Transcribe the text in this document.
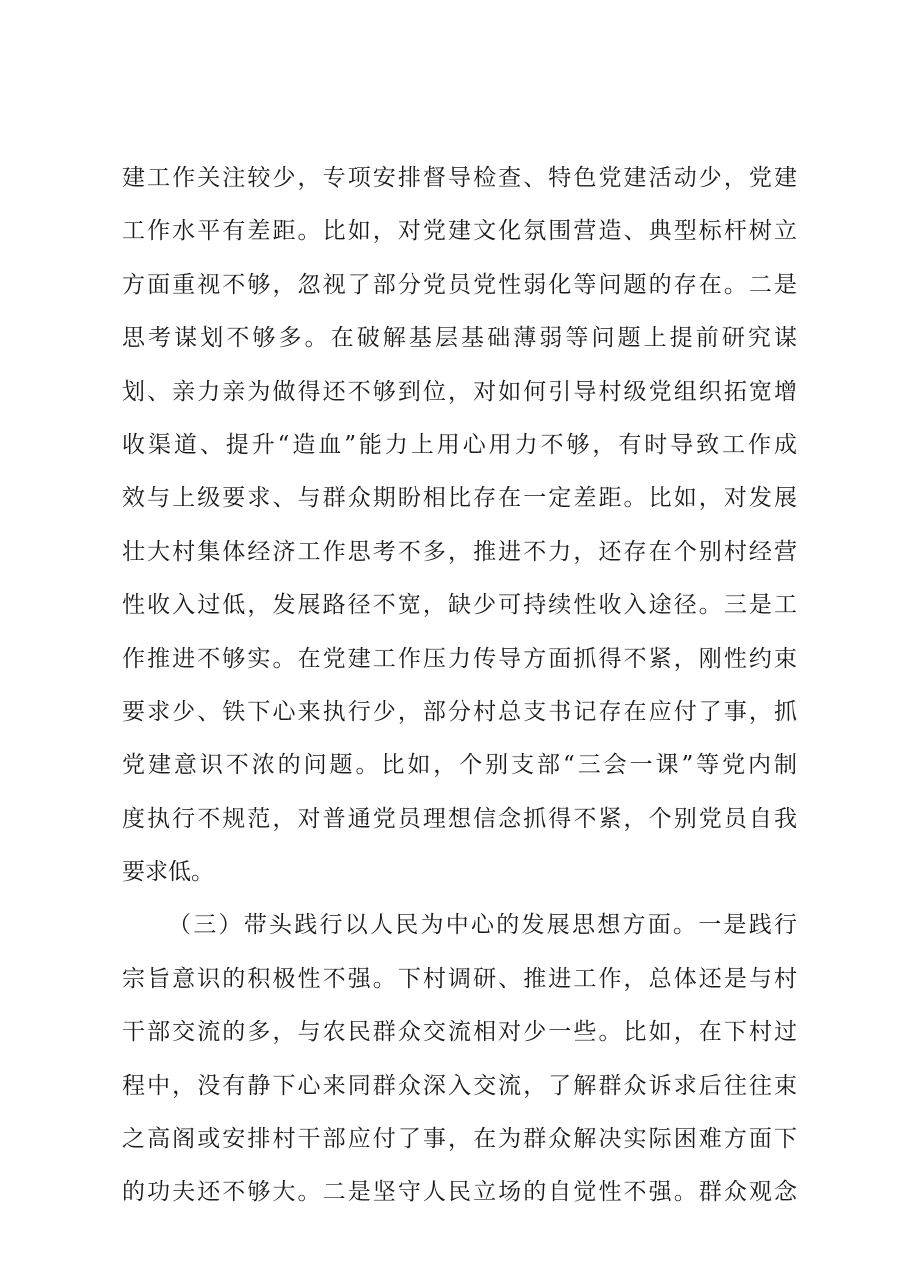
建工作关注较少，专项安排督导检查、特色党建活动少，党建
工作水平有差距。比如，对党建文化氛围营造、典型标杆树立
方面重视不够，忽视了部分党员党性弱化等问题的存在。二是
思考谋划不够多。在破解基层基础薄弱等问题上提前研究谋
划、亲力亲为做得还不够到位，对如何引导村级党组织拓宽增
收渠道、提升“造血”能力上用心用力不够，有时导致工作成
效与上级要求、与群众期盼相比存在一定差距。比如，对发展
壮大村集体经济工作思考不多，推进不力，还存在个别村经营
性收入过低，发展路径不宽，缺少可持续性收入途径。三是工
作推进不够实。在党建工作压力传导方面抓得不紧，刚性约束
要求少、铁下心来执行少，部分村总支书记存在应付了事，抓
党建意识不浓的问题。比如，个别支部“三会一课”等党内制
度执行不规范，对普通党员理想信念抓得不紧，个别党员自我
要求低。
（三）带头践行以人民为中心的发展思想方面。一是践行
宗旨意识的积极性不强。下村调研、推进工作，总体还是与村
干部交流的多，与农民群众交流相对少一些。比如，在下村过
程中，没有静下心来同群众深入交流，了解群众诉求后往往束
之高阁或安排村干部应付了事，在为群众解决实际困难方面下
的功夫还不够大。二是坚守人民立场的自觉性不强。群众观念
